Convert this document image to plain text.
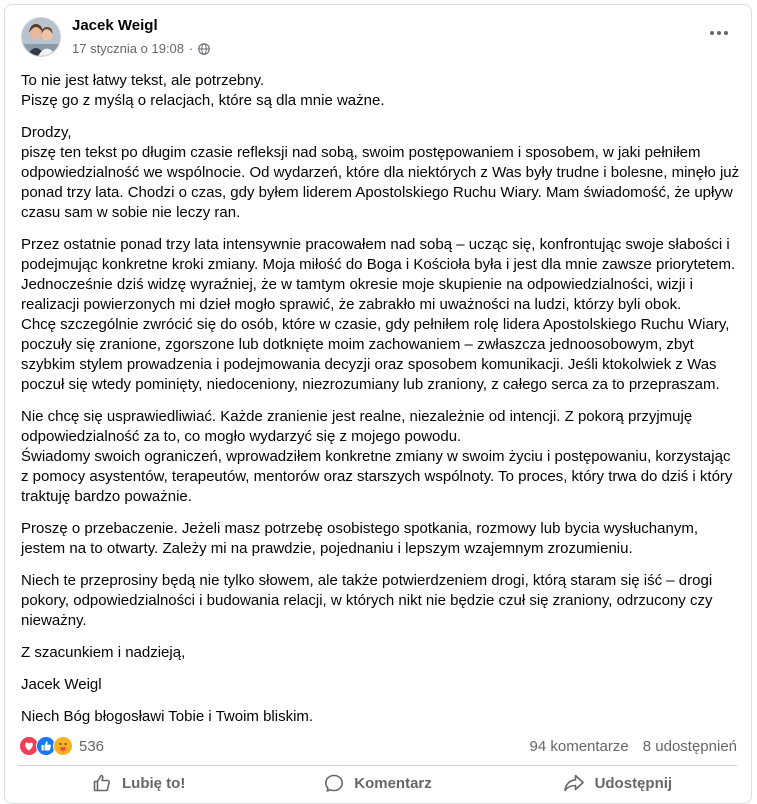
Jacek Weigl
17 stycznia o 19:08 ·

To nie jest łatwy tekst, ale potrzebny.
Piszę go z myślą o relacjach, które są dla mnie ważne.

Drodzy,
piszę ten tekst po długim czasie refleksji nad sobą, swoim postępowaniem i sposobem, w jaki pełniłem odpowiedzialność we wspólnocie. Od wydarzeń, które dla niektórych z Was były trudne i bolesne, minęło już ponad trzy lata. Chodzi o czas, gdy byłem liderem Apostolskiego Ruchu Wiary. Mam świadomość, że upływ czasu sam w sobie nie leczy ran.

Przez ostatnie ponad trzy lata intensywnie pracowałem nad sobą – ucząc się, konfrontując swoje słabości i podejmując konkretne kroki zmiany. Moja miłość do Boga i Kościoła była i jest dla mnie zawsze priorytetem. Jednocześnie dziś widzę wyraźniej, że w tamtym okresie moje skupienie na odpowiedzialności, wizji i realizacji powierzonych mi dzieł mogło sprawić, że zabrakło mi uważności na ludzi, którzy byli obok.
Chcę szczególnie zwrócić się do osób, które w czasie, gdy pełniłem rolę lidera Apostolskiego Ruchu Wiary, poczuły się zranione, zgorszone lub dotknięte moim zachowaniem – zwłaszcza jednoosobowym, zbyt szybkim stylem prowadzenia i podejmowania decyzji oraz sposobem komunikacji. Jeśli ktokolwiek z Was poczuł się wtedy pominięty, niedoceniony, niezrozumiany lub zraniony, z całego serca za to przepraszam.

Nie chcę się usprawiedliwiać. Każde zranienie jest realne, niezależnie od intencji. Z pokorą przyjmuję odpowiedzialność za to, co mogło wydarzyć się z mojego powodu.
Świadomy swoich ograniczeń, wprowadziłem konkretne zmiany w swoim życiu i postępowaniu, korzystając z pomocy asystentów, terapeutów, mentorów oraz starszych wspólnoty. To proces, który trwa do dziś i który traktuję bardzo poważnie.

Proszę o przebaczenie. Jeżeli masz potrzebę osobistego spotkania, rozmowy lub bycia wysłuchanym, jestem na to otwarty. Zależy mi na prawdzie, pojednaniu i lepszym wzajemnym zrozumieniu.

Niech te przeprosiny będą nie tylko słowem, ale także potwierdzeniem drogi, którą staram się iść – drogi pokory, odpowiedzialności i budowania relacji, w których nikt nie będzie czuł się zraniony, odrzucony czy nieważny.

Z szacunkiem i nadzieją,

Jacek Weigl

Niech Bóg błogosławi Tobie i Twoim bliskim.

536	94 komentarze 8 udostępnień
Lubię to!	Komentarz	Udostępnij
